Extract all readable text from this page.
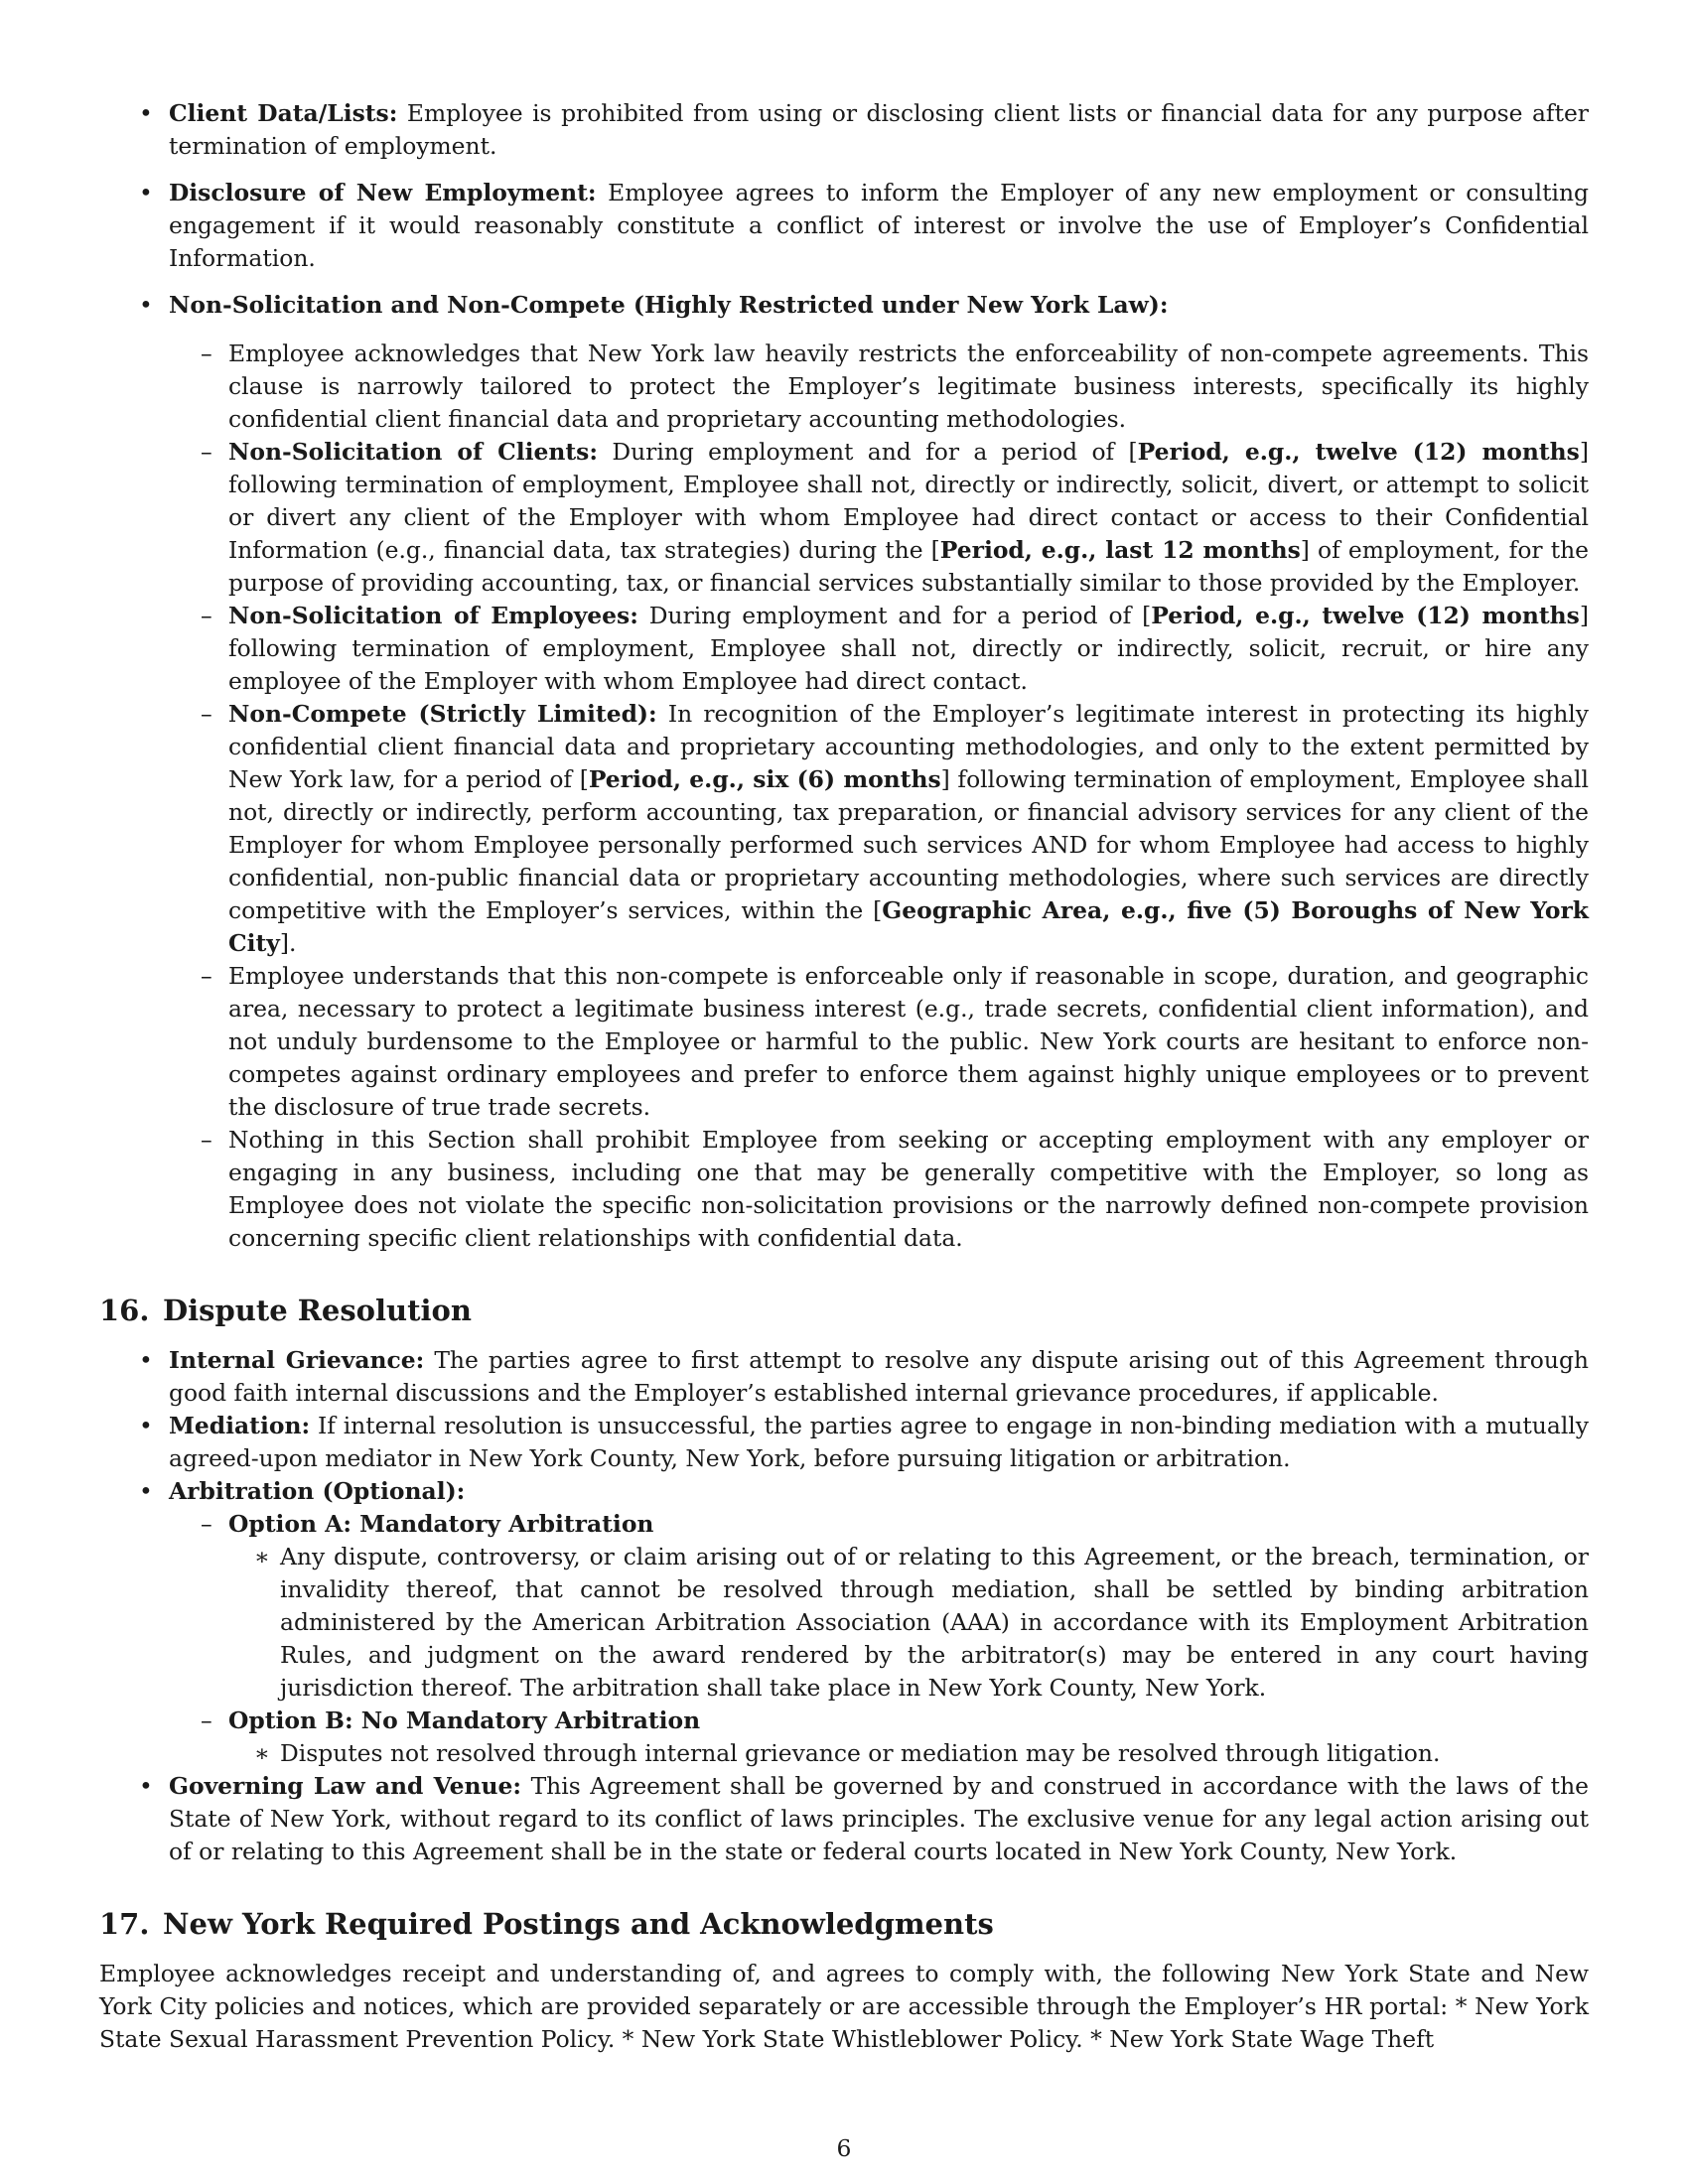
• Client Data/Lists: Employee is prohibited from using or disclosing client lists or financial data for any purpose after termination of employment.
• Disclosure of New Employment: Employee agrees to inform the Employer of any new employment or consulting engagement if it would reasonably constitute a conflict of interest or involve the use of Employer’s Confidential Information.
• Non-Solicitation and Non-Compete (Highly Restricted under New York Law):
– Employee acknowledges that New York law heavily restricts the enforceability of non-compete agreements. This clause is narrowly tailored to protect the Employer’s legitimate business interests, specifically its highly confidential client financial data and proprietary accounting methodologies.
– Non-Solicitation of Clients: During employment and for a period of [Period, e.g., twelve (12) months] following termination of employment, Employee shall not, directly or indirectly, solicit, divert, or attempt to solicit or divert any client of the Employer with whom Employee had direct contact or access to their Confidential Information (e.g., financial data, tax strategies) during the [Period, e.g., last 12 months] of employment, for the purpose of providing accounting, tax, or financial services substantially similar to those provided by the Employer.
– Non-Solicitation of Employees: During employment and for a period of [Period, e.g., twelve (12) months] following termination of employment, Employee shall not, directly or indirectly, solicit, recruit, or hire any employee of the Employer with whom Employee had direct contact.
– Non-Compete (Strictly Limited): In recognition of the Employer’s legitimate interest in protecting its highly confidential client financial data and proprietary accounting methodologies, and only to the extent permitted by New York law, for a period of [Period, e.g., six (6) months] following termination of employment, Employee shall not, directly or indirectly, perform accounting, tax preparation, or financial advisory services for any client of the Employer for whom Employee personally performed such services AND for whom Employee had access to highly confidential, non-public financial data or proprietary accounting methodologies, where such services are directly competitive with the Employer’s services, within the [Geographic Area, e.g., five (5) Boroughs of New York City].
– Employee understands that this non-compete is enforceable only if reasonable in scope, duration, and geographic area, necessary to protect a legitimate business interest (e.g., trade secrets, confidential client information), and not unduly burdensome to the Employee or harmful to the public. New York courts are hesitant to enforce non-competes against ordinary employees and prefer to enforce them against highly unique employees or to prevent the disclosure of true trade secrets.
– Nothing in this Section shall prohibit Employee from seeking or accepting employment with any employer or engaging in any business, including one that may be generally competitive with the Employer, so long as Employee does not violate the specific non-solicitation provisions or the narrowly defined non-compete provision concerning specific client relationships with confidential data.
16. Dispute Resolution
• Internal Grievance: The parties agree to first attempt to resolve any dispute arising out of this Agreement through good faith internal discussions and the Employer’s established internal grievance procedures, if applicable.
• Mediation: If internal resolution is unsuccessful, the parties agree to engage in non-binding mediation with a mutually agreed-upon mediator in New York County, New York, before pursuing litigation or arbitration.
• Arbitration (Optional):
– Option A: Mandatory Arbitration
∗ Any dispute, controversy, or claim arising out of or relating to this Agreement, or the breach, termination, or invalidity thereof, that cannot be resolved through mediation, shall be settled by binding arbitration administered by the American Arbitration Association (AAA) in accordance with its Employment Arbitration Rules, and judgment on the award rendered by the arbitrator(s) may be entered in any court having jurisdiction thereof. The arbitration shall take place in New York County, New York.
– Option B: No Mandatory Arbitration
∗ Disputes not resolved through internal grievance or mediation may be resolved through litigation.
• Governing Law and Venue: This Agreement shall be governed by and construed in accordance with the laws of the State of New York, without regard to its conflict of laws principles. The exclusive venue for any legal action arising out of or relating to this Agreement shall be in the state or federal courts located in New York County, New York.
17. New York Required Postings and Acknowledgments

Employee acknowledges receipt and understanding of, and agrees to comply with, the following New York State and New York City policies and notices, which are provided separately or are accessible through the Employer’s HR portal: * New York State Sexual Harassment Prevention Policy. * New York State Whistleblower Policy. * New York State Wage Theft

6
